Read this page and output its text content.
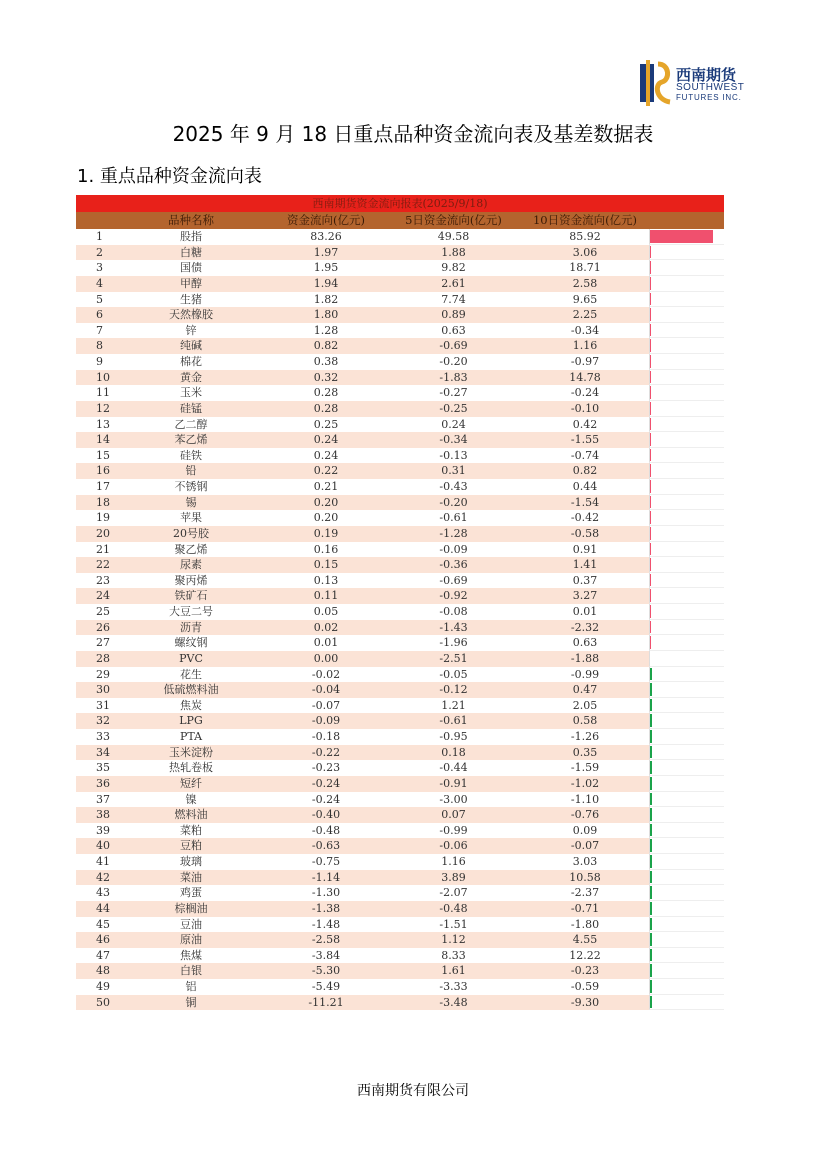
西南期货
SOUTHWEST
FUTURES INC.
2025 年 9 月 18 日重点品种资金流向表及基差数据表
1. 重点品种资金流向表
西南期货资金流向报表(2025/9/18)
品种名称	资金流向(亿元)	5日资金流向(亿元)	10日资金流向(亿元)
1	股指	83.26	49.58	85.92
2	白糖	1.97	1.88	3.06
3	国债	1.95	9.82	18.71
4	甲醇	1.94	2.61	2.58
5	生猪	1.82	7.74	9.65
6	天然橡胶	1.80	0.89	2.25
7	锌	1.28	0.63	-0.34
8	纯碱	0.82	-0.69	1.16
9	棉花	0.38	-0.20	-0.97
10	黄金	0.32	-1.83	14.78
11	玉米	0.28	-0.27	-0.24
12	硅锰	0.28	-0.25	-0.10
13	乙二醇	0.25	0.24	0.42
14	苯乙烯	0.24	-0.34	-1.55
15	硅铁	0.24	-0.13	-0.74
16	铅	0.22	0.31	0.82
17	不锈钢	0.21	-0.43	0.44
18	锡	0.20	-0.20	-1.54
19	苹果	0.20	-0.61	-0.42
20	20号胶	0.19	-1.28	-0.58
21	聚乙烯	0.16	-0.09	0.91
22	尿素	0.15	-0.36	1.41
23	聚丙烯	0.13	-0.69	0.37
24	铁矿石	0.11	-0.92	3.27
25	大豆二号	0.05	-0.08	0.01
26	沥青	0.02	-1.43	-2.32
27	螺纹钢	0.01	-1.96	0.63
28	PVC	0.00	-2.51	-1.88
29	花生	-0.02	-0.05	-0.99
30	低硫燃料油	-0.04	-0.12	0.47
31	焦炭	-0.07	1.21	2.05
32	LPG	-0.09	-0.61	0.58
33	PTA	-0.18	-0.95	-1.26
34	玉米淀粉	-0.22	0.18	0.35
35	热轧卷板	-0.23	-0.44	-1.59
36	短纤	-0.24	-0.91	-1.02
37	镍	-0.24	-3.00	-1.10
38	燃料油	-0.40	0.07	-0.76
39	菜粕	-0.48	-0.99	0.09
40	豆粕	-0.63	-0.06	-0.07
41	玻璃	-0.75	1.16	3.03
42	菜油	-1.14	3.89	10.58
43	鸡蛋	-1.30	-2.07	-2.37
44	棕榈油	-1.38	-0.48	-0.71
45	豆油	-1.48	-1.51	-1.80
46	原油	-2.58	1.12	4.55
47	焦煤	-3.84	8.33	12.22
48	白银	-5.30	1.61	-0.23
49	铝	-5.49	-3.33	-0.59
50	铜	-11.21	-3.48	-9.30
西南期货有限公司
